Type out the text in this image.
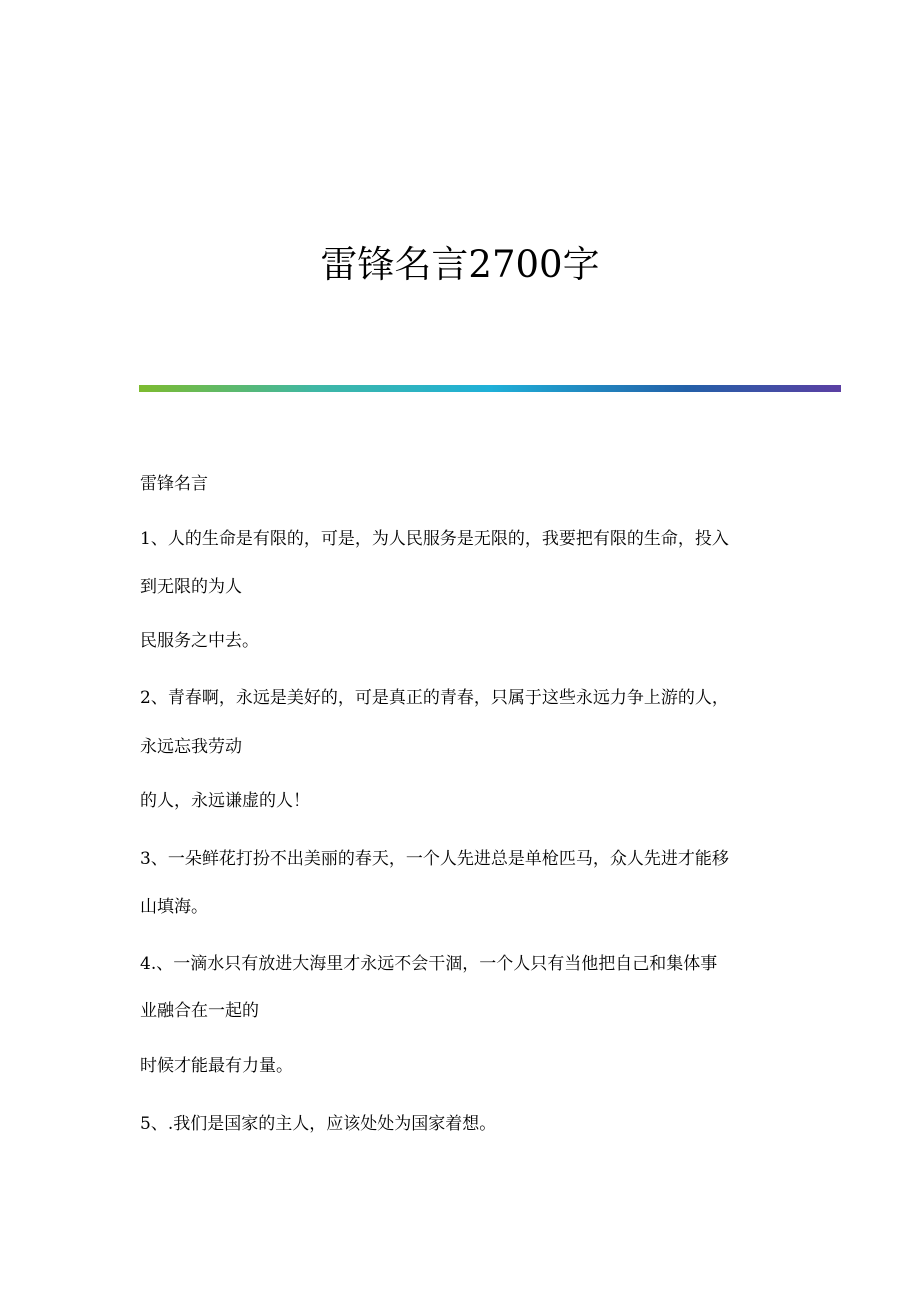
雷锋名言2700字
雷锋名言
1、人的生命是有限的，可是，为人民服务是无限的，我要把有限的生命，投入
到无限的为人
民服务之中去。
2、青春啊，永远是美好的，可是真正的青春，只属于这些永远力争上游的人，
永远忘我劳动
的人，永远谦虚的人！
3、一朵鲜花打扮不出美丽的春天，一个人先进总是单枪匹马，众人先进才能移
山填海。
4.、一滴水只有放进大海里才永远不会干涸，一个人只有当他把自己和集体事
业融合在一起的
时候才能最有力量。
5、.我们是国家的主人，应该处处为国家着想。
